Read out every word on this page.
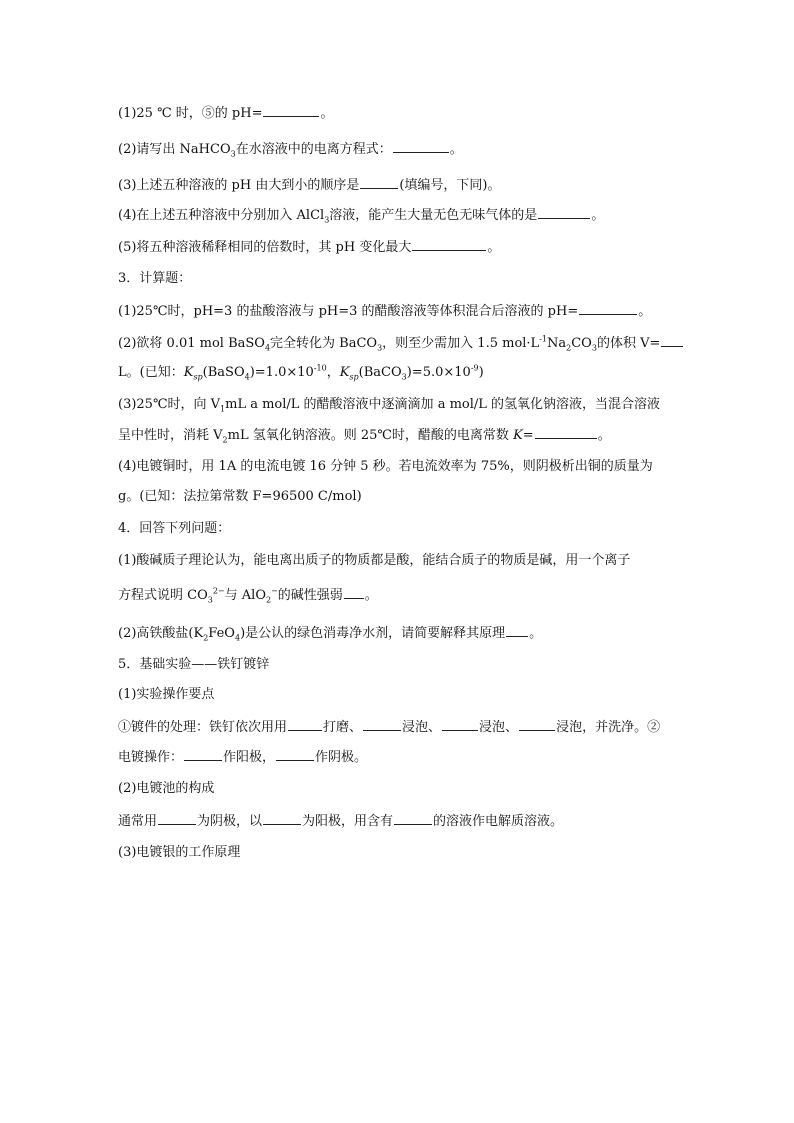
(1)25 ℃ 时，⑤的 pH=	。
(2)请写出 NaHCO$_3$在水溶液中的电离方程式：	。
(3)上述五种溶液的 pH 由大到小的顺序是	(填编号，下同)。
(4)在上述五种溶液中分别加入 AlCl$_3$溶液，能产生大量无色无味气体的是	。
(5)将五种溶液稀释相同的倍数时，其 pH 变化最大	。
3．计算题：
(1)25℃时，pH=3 的盐酸溶液与 pH=3 的醋酸溶液等体积混合后溶液的 pH=	。
(2)欲将 0.01 mol BaSO$_4$完全转化为 BaCO$_3$，则至少需加入 1.5 $mol\cdot L^{-1}Na_2CO_3$的体积 V=
L。(已知：$K_{sp}(BaSO_4)=1.0\times 10^{-10}$，$K_{sp}(BaCO_3)=5.0\times 10^{-9}$)
(3)25℃时，向 $V_1mL$ a mol/L 的醋酸溶液中逐滴滴加 a mol/L 的氢氧化钠溶液，当混合溶液
呈中性时，消耗 $V_2mL$ 氢氧化钠溶液。则 25℃时，醋酸的电离常数 K=	。
(4)电镀铜时，用 1A 的电流电镀 16 分钟 5 秒。若电流效率为 75%，则阴极析出铜的质量为
g。(已知：法拉第常数 F=96500 C/mol)
4．回答下列问题：
(1)酸碱质子理论认为，能电离出质子的物质都是酸，能结合质子的物质是碱，用一个离子
方程式说明 $CO_3^{2-}$与 AlO$_2$−的碱性强弱 。
(2)高铁酸盐$(K_2FeO_4)$是公认的绿色消毒净水剂，请简要解释其原理 。
5．基础实验——铁钉镀锌
(1)实验操作要点
①镀件的处理：铁钉依次用用	打磨、	浸泡、	浸泡、	浸泡，并洗净。②
电镀操作：	作阳极，	作阴极。
(2)电镀池的构成
通常用	为阴极，以	为阳极，用含有	的溶液作电解质溶液。
(3)电镀银的工作原理
